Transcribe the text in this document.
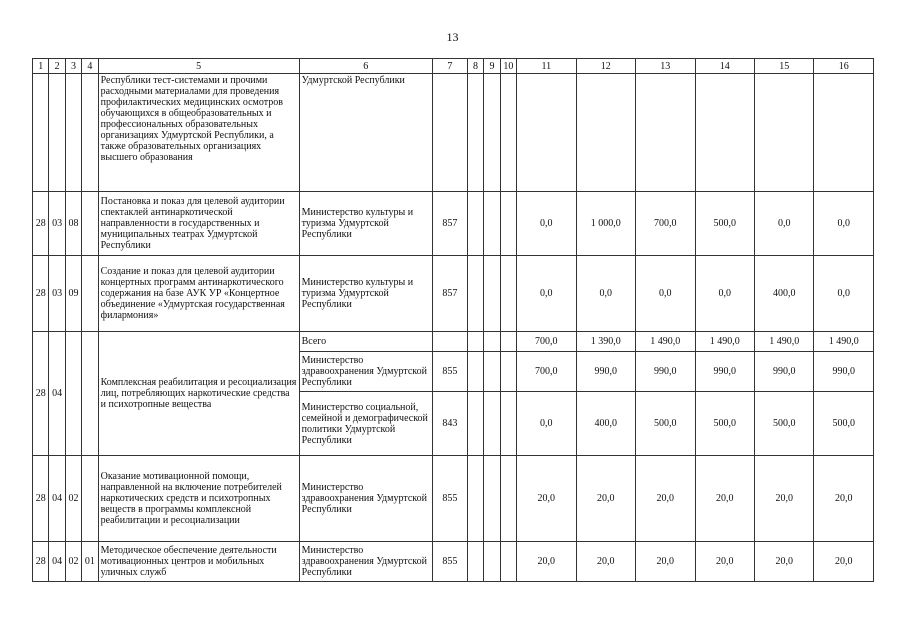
13
1	2	3	4	5	6	7	8	9	10	11	12	13	14	15	16
				Республики тест-системами и прочими расходными материалами для проведения профилактических медицинских осмотров обучающихся в общеобразовательных и профессиональных образовательных организациях Удмуртской Республики, а также образовательных организациях высшего образования	Удмуртской Республики										
28	03	08		Постановка и показ для целевой аудитории спектаклей антинаркотической направленности в государственных и муниципальных театрах Удмуртской Республики	Министерство культуры и туризма Удмуртской Республики	857				0,0	1 000,0	700,0	500,0	0,0	0,0
28	03	09		Создание и показ для целевой аудитории концертных программ антинаркотического содержания на базе АУК УР «Концертное объединение «Удмуртская государственная филармония»	Министерство культуры и туризма Удмуртской Республики	857				0,0	0,0	0,0	0,0	400,0	0,0
28	04			Комплексная реабилитация и ресоциализация лиц, потребляющих наркотические средства и психотропные вещества	Всего					700,0	1 390,0	1 490,0	1 490,0	1 490,0	1 490,0
					Министерство здравоохранения Удмуртской Республики	855				700,0	990,0	990,0	990,0	990,0	990,0
					Министерство социальной, семейной и демографической политики Удмуртской Республики	843				0,0	400,0	500,0	500,0	500,0	500,0
28	04	02		Оказание мотивационной помощи, направленной на включение потребителей наркотических средств и психотропных веществ в программы комплексной реабилитации и ресоциализации	Министерство здравоохранения Удмуртской Республики	855				20,0	20,0	20,0	20,0	20,0	20,0
28	04	02	01	Методическое обеспечение деятельности мотивационных центров и мобильных уличных служб	Министерство здравоохранения Удмуртской Республики	855				20,0	20,0	20,0	20,0	20,0	20,0
